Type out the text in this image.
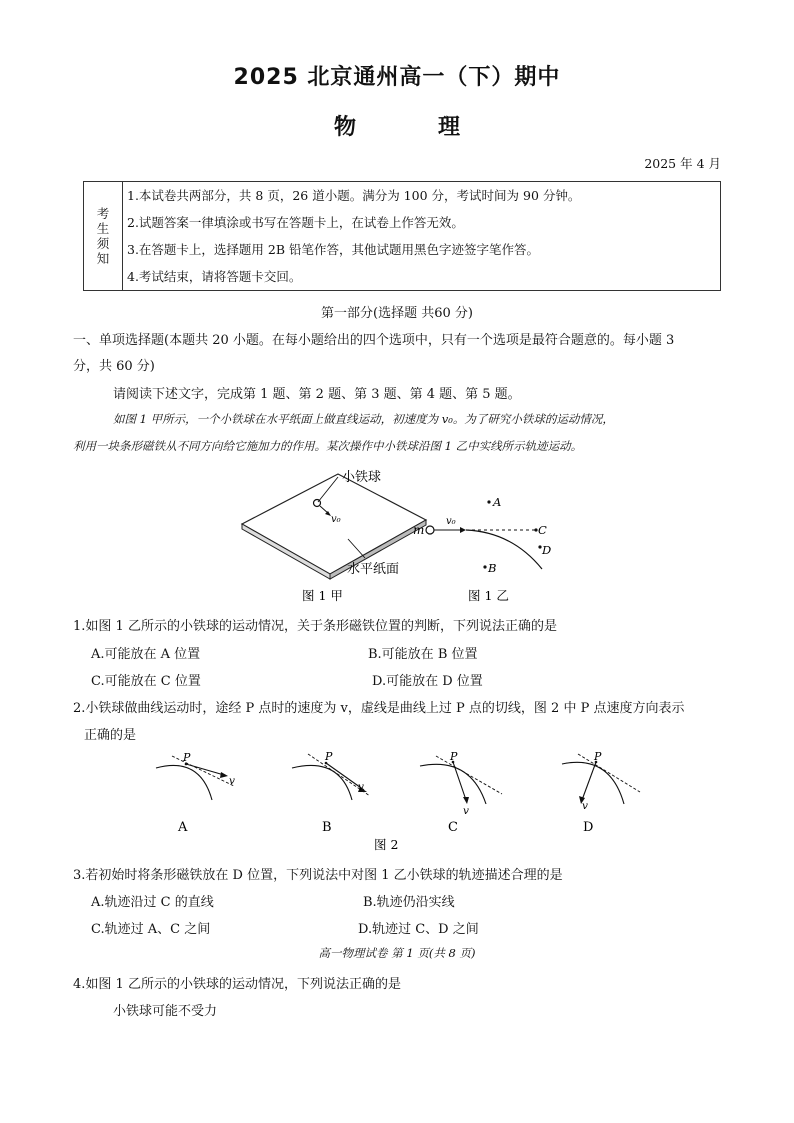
2025 北京通州高一（下）期中
物　理
2025 年 4 月
考
生
须
知
	1.本试卷共两部分，共 8 页，26 道小题。满分为 100 分，考试时间为 90 分钟。
2.试题答案一律填涂或书写在答题卡上，在试卷上作答无效。
3.在答题卡上，选择题用 2B 铅笔作答，其他试题用黑色字迹签字笔作答。
4.考试结束，请将答题卡交回。
第一部分(选择题 共60 分)
一、单项选择题(本题共 20 小题。在每小题给出的四个选项中，只有一个选项是最符合题意的。每小题 3
分，共 60 分)
请阅读下述文字，完成第 1 题、第 2 题、第 3 题、第 4 题、第 5 题。
如图 1 甲所示，一个小铁球在水平纸面上做直线运动，初速度为 v₀。为了研究小铁球的运动情况，
利用一块条形磁铁从不同方向给它施加力的作用。某次操作中小铁球沿图 1 乙中实线所示轨迹运动。
小铁球
v₀
水平纸面
图 1 甲
m
v₀
A
B
C
D
图 1 乙
1.如图 1 乙所示的小铁球的运动情况，关于条形磁铁位置的判断，下列说法正确的是
A.可能放在 A 位置	B.可能放在 B 位置
C.可能放在 C 位置	D.可能放在 D 位置
2.小铁球做曲线运动时，途经 P 点时的速度为 v，虚线是曲线上过 P 点的切线，图 2 中 P 点速度方向表示
正确的是
P
v
A
P
v
B
P
v
C
P
v
D
图 2
3.若初始时将条形磁铁放在 D 位置，下列说法中对图 1 乙小铁球的轨迹描述合理的是
A.轨迹沿过 C 的直线	B.轨迹仍沿实线
C.轨迹过 A、C 之间	D.轨迹过 C、D 之间
高一物理试卷 第 1 页(共 8 页)
4.如图 1 乙所示的小铁球的运动情况，下列说法正确的是
小铁球可能不受力
